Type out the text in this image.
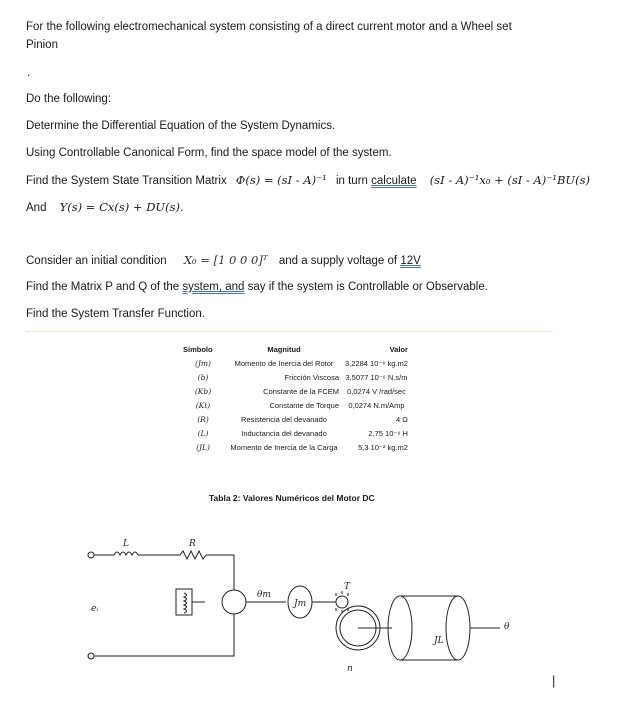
For the following electromechanical system consisting of a direct current motor and a Wheel set
Pinion
.
Do the following:
Determine the Differential Equation of the System Dynamics.
Using Controllable Canonical Form, find the space model of the system.
Find the System State Transition Matrix Φ(s) = (sI - A)⁻¹ in turn calculate (sI - A)⁻¹x₀ + (sI - A)⁻¹BU(s)
And Y(s) = Cx(s) + DU(s).
Consider an initial condition X₀ = [1 0 0 0]ᵀ and a supply voltage of 12V
Find the Matrix P and Q of the system, and say if the system is Controllable or Observable.
Find the System Transfer Function.
Símbolo	Magnitud	Valor
(Jm)	Momento de Inercia del Rotor	3,2284 10⁻⁶ kg.m2
(b)	Fricción Viscosa	3,5077 10⁻⁶ N.s/m
(Kb)	Constante de la FCEM	0,0274 V /rad/sec
(Kt)	Constante de Torque	0,0274 N.m/Amp
(R)	Resistencia del devanado	4 Ω
(L)	Inductancia del devanado	2,75 10⁻⁶ H
(JL)	Momento de Inercia de la Carga	5,3 10⁻² kg.m2
Tabla 2: Valores Numéricos del Motor DC
L	R
eᵢ
θm
Jm
T
n
JL
θ
|
